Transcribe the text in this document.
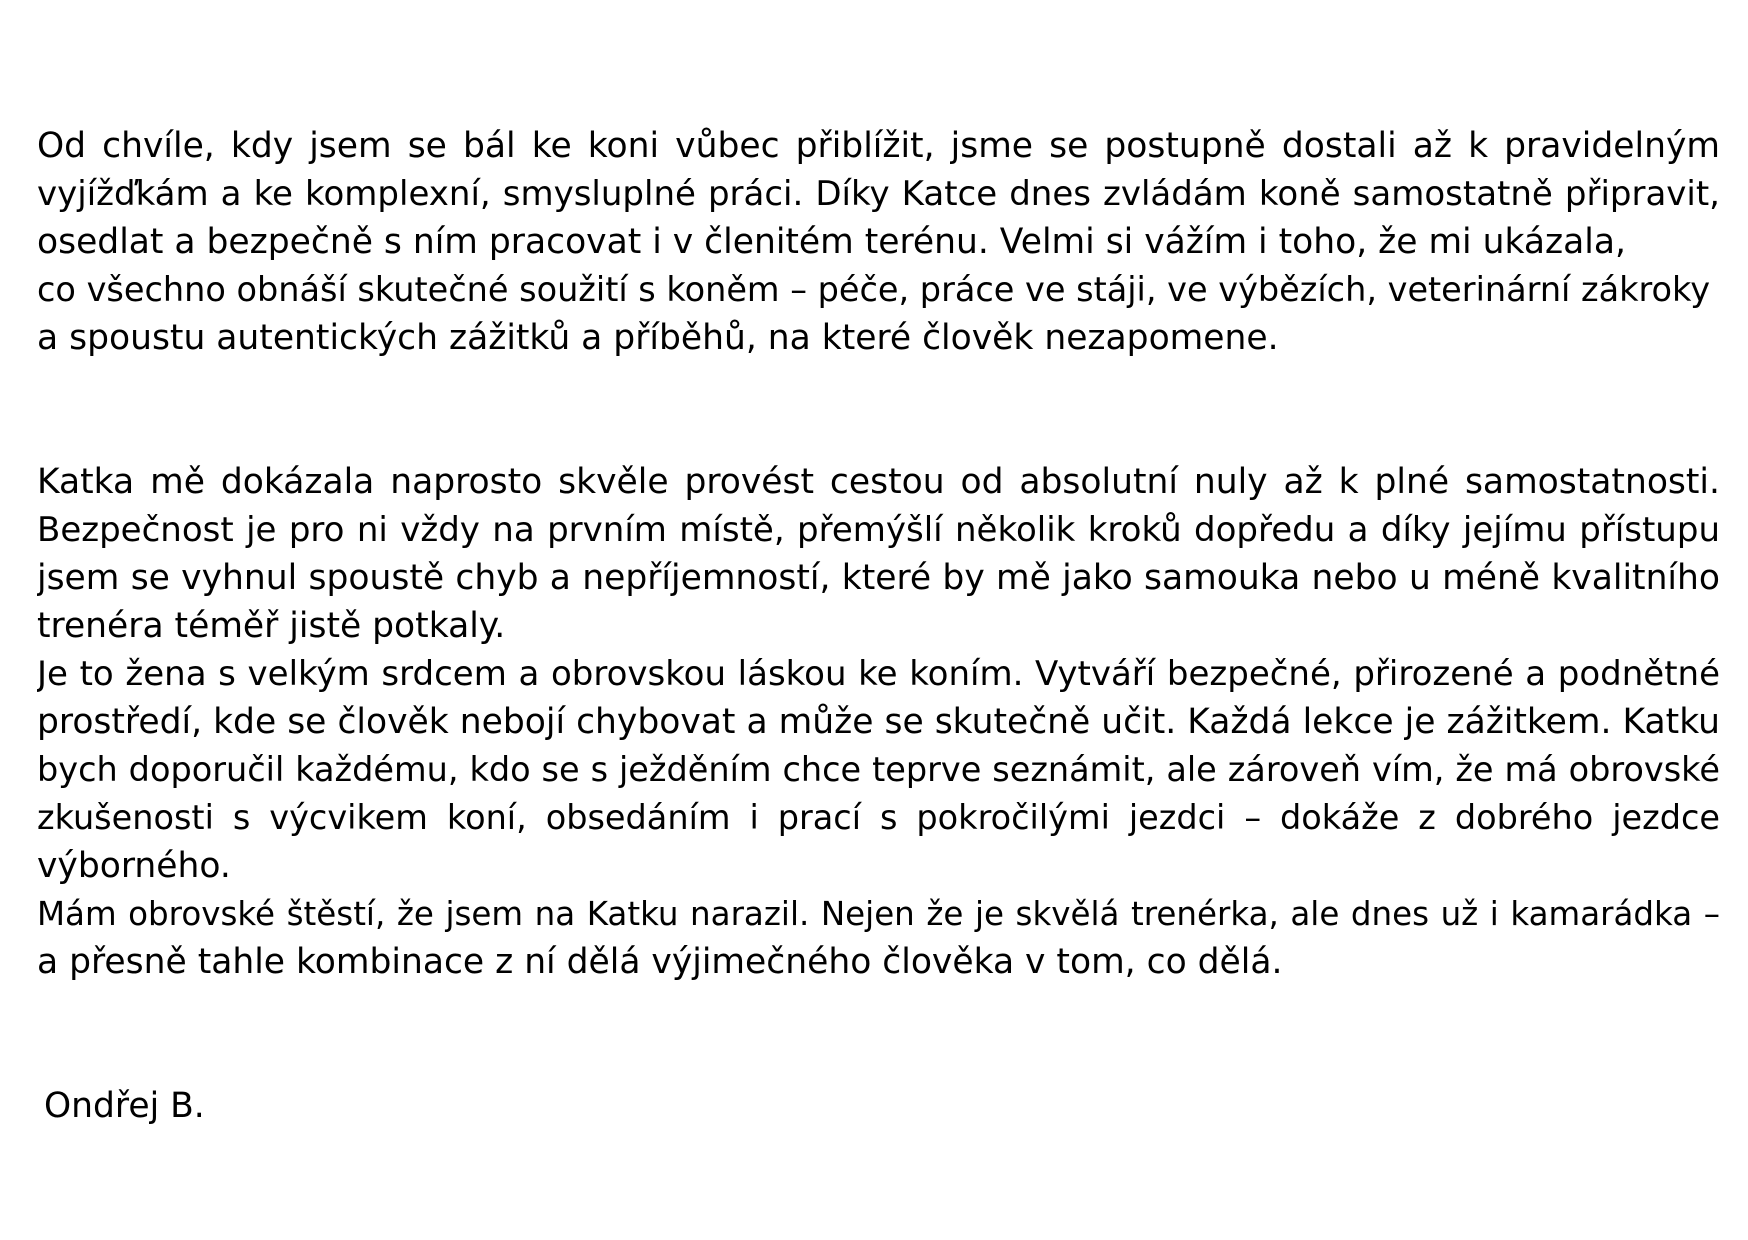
Od chvíle, kdy jsem se bál ke koni vůbec přiblížit, jsme se postupně dostali až k pravidelným
vyjížďkám a ke komplexní, smysluplné práci. Díky Katce dnes zvládám koně samostatně připravit,
osedlat a bezpečně s ním pracovat i v členitém terénu. Velmi si vážím i toho, že mi ukázala,
co všechno obnáší skutečné soužití s koněm – péče, práce ve stáji, ve výbězích, veterinární zákroky
a spoustu autentických zážitků a příběhů, na které člověk nezapomene.
Katka mě dokázala naprosto skvěle provést cestou od absolutní nuly až k plné samostatnosti.
Bezpečnost je pro ni vždy na prvním místě, přemýšlí několik kroků dopředu a díky jejímu přístupu
jsem se vyhnul spoustě chyb a nepříjemností, které by mě jako samouka nebo u méně kvalitního
trenéra téměř jistě potkaly.
Je to žena s velkým srdcem a obrovskou láskou ke koním. Vytváří bezpečné, přirozené a podnětné
prostředí, kde se člověk nebojí chybovat a může se skutečně učit. Každá lekce je zážitkem. Katku
bych doporučil každému, kdo se s ježděním chce teprve seznámit, ale zároveň vím, že má obrovské
zkušenosti s výcvikem koní, obsedáním i prací s pokročilými jezdci – dokáže z dobrého jezdce
výborného.
Mám obrovské štěstí, že jsem na Katku narazil. Nejen že je skvělá trenérka, ale dnes už i kamarádka –
a přesně tahle kombinace z ní dělá výjimečného člověka v tom, co dělá.
Ondřej B.
